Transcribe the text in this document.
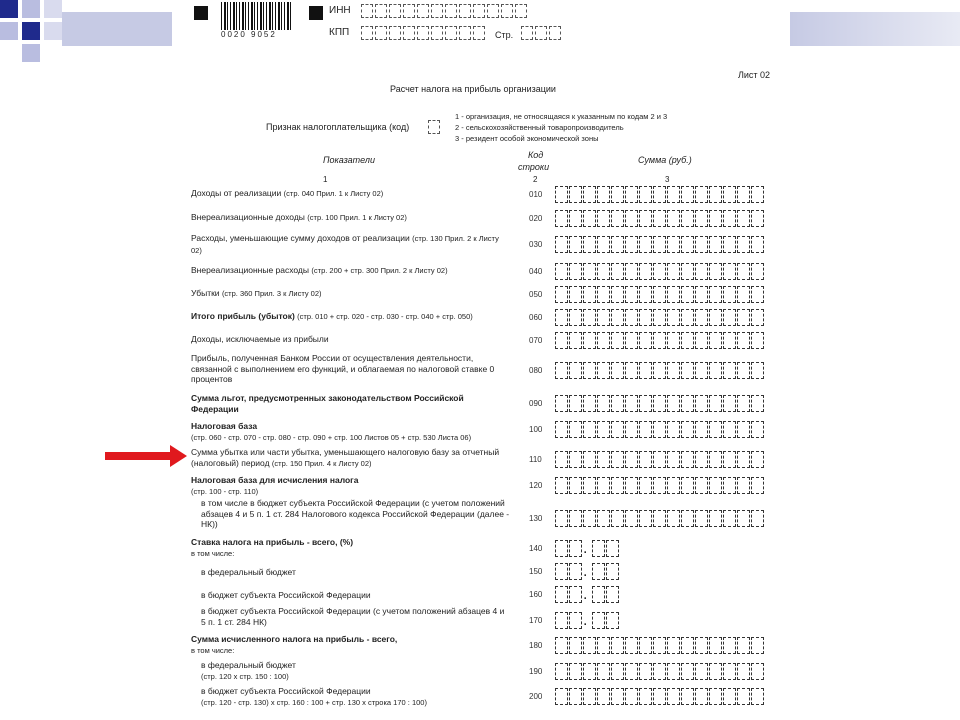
0020 9052
ИНН
КПП	Стр.
Лист 02
Расчет налога на прибыль организации
Признак налогоплательщика (код)
1 - организация, не относящаяся к указанным по кодам 2 и 3
2 - сельскохозяйственный товаропроизводитель
3 - резидент особой экономической зоны
Показатели	Код
строки
Сумма (руб.)
1	2	3
Доходы от реализации (стр. 040 Прил. 1 к Листу 02)	010
Внереализационные доходы (стр. 100 Прил. 1 к Листу 02)	020
Расходы, уменьшающие сумму доходов от реализации (стр. 130 Прил. 2 к Листу 02)
030
Внереализационные расходы (стр. 200 + стр. 300 Прил. 2 к Листу 02)	040
Убытки (стр. 360 Прил. 3 к Листу 02)	050
Итого прибыль (убыток) (стр. 010 + стр. 020 - стр. 030 - стр. 040 + стр. 050)	060
Доходы, исключаемые из прибыли	070
Прибыль, полученная Банком России от осуществления деятельности, связанной с выполнением его функций, и облагаемая по налоговой ставке 0 процентов
080
Сумма льгот, предусмотренных законодательством Российской Федерации	090
Налоговая база
(стр. 060 - стр. 070 - стр. 080 - стр. 090 + стр. 100 Листов 05 + стр. 530 Листа 06)
100
Сумма убытка или части убытка, уменьшающего налоговую базу за отчетный (налоговый) период (стр. 150 Прил. 4 к Листу 02)	110
Налоговая база для исчисления налога
(стр. 100 - стр. 110)
120
в том числе в бюджет субъекта Российской Федерации (с учетом положений абзацев 4 и 5 п. 1 ст. 284 Налогового кодекса Российской Федерации (далее - НК))
130
Ставка налога на прибыль - всего, (%)
в том числе:	140	.
в федеральный бюджет	150	.
в бюджет субъекта Российской Федерации	160	.
в бюджет субъекта Российской Федерации (с учетом положений абзацев 4 и 5 п. 1 ст. 284 НК)	170	.
Сумма исчисленного налога на прибыль - всего,
в том числе:	180
в федеральный бюджет
(стр. 120 х стр. 150 : 100)	190
в бюджет субъекта Российской Федерации
(стр. 120 - стр. 130) х стр. 160 : 100 + стр. 130 х строка 170 : 100)
200
